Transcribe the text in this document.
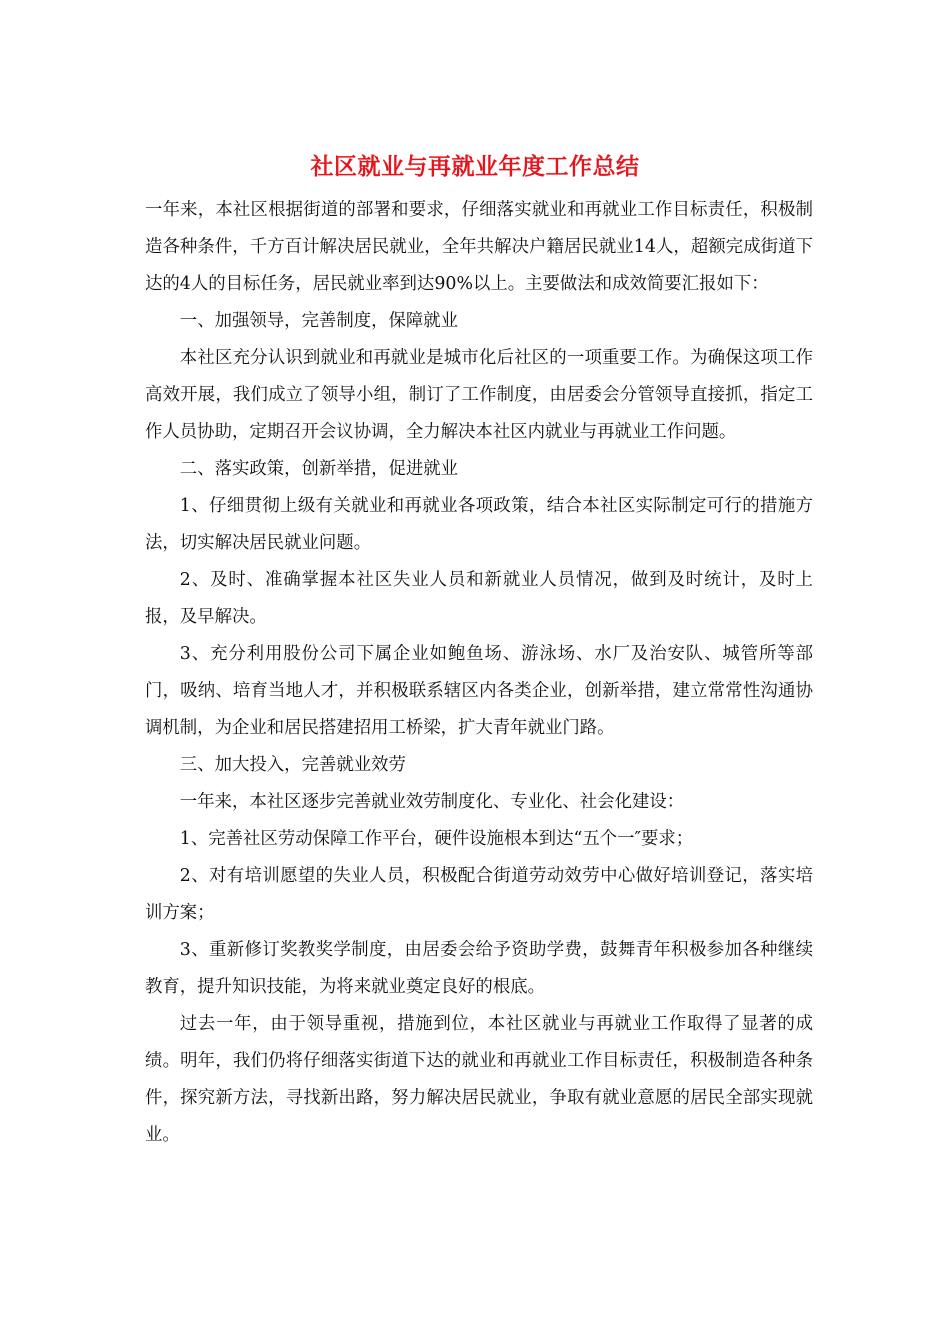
社区就业与再就业年度工作总结

一年来，本社区根据街道的部署和要求，仔细落实就业和再就业工作目标责任，积极制造各种条件，千方百计解决居民就业，全年共解决户籍居民就业14人，超额完成街道下达的4人的目标任务，居民就业率到达90%以上。主要做法和成效简要汇报如下：

一、加强领导，完善制度，保障就业

本社区充分认识到就业和再就业是城市化后社区的一项重要工作。为确保这项工作高效开展，我们成立了领导小组，制订了工作制度，由居委会分管领导直接抓，指定工作人员协助，定期召开会议协调，全力解决本社区内就业与再就业工作问题。

二、落实政策，创新举措，促进就业

1、仔细贯彻上级有关就业和再就业各项政策，结合本社区实际制定可行的措施方法，切实解决居民就业问题。

2、及时、准确掌握本社区失业人员和新就业人员情况，做到及时统计，及时上报，及早解决。

3、充分利用股份公司下属企业如鲍鱼场、游泳场、水厂及治安队、城管所等部门，吸纳、培育当地人才，并积极联系辖区内各类企业，创新举措，建立常常性沟通协调机制，为企业和居民搭建招用工桥梁，扩大青年就业门路。

三、加大投入，完善就业效劳

一年来，本社区逐步完善就业效劳制度化、专业化、社会化建设：

1、完善社区劳动保障工作平台，硬件设施根本到达“五个一″要求；

2、对有培训愿望的失业人员，积极配合街道劳动效劳中心做好培训登记，落实培训方案；

3、重新修订奖教奖学制度，由居委会给予资助学费，鼓舞青年积极参加各种继续教育，提升知识技能，为将来就业奠定良好的根底。

过去一年，由于领导重视，措施到位，本社区就业与再就业工作取得了显著的成绩。明年，我们仍将仔细落实街道下达的就业和再就业工作目标责任，积极制造各种条件，探究新方法，寻找新出路，努力解决居民就业，争取有就业意愿的居民全部实现就业。
